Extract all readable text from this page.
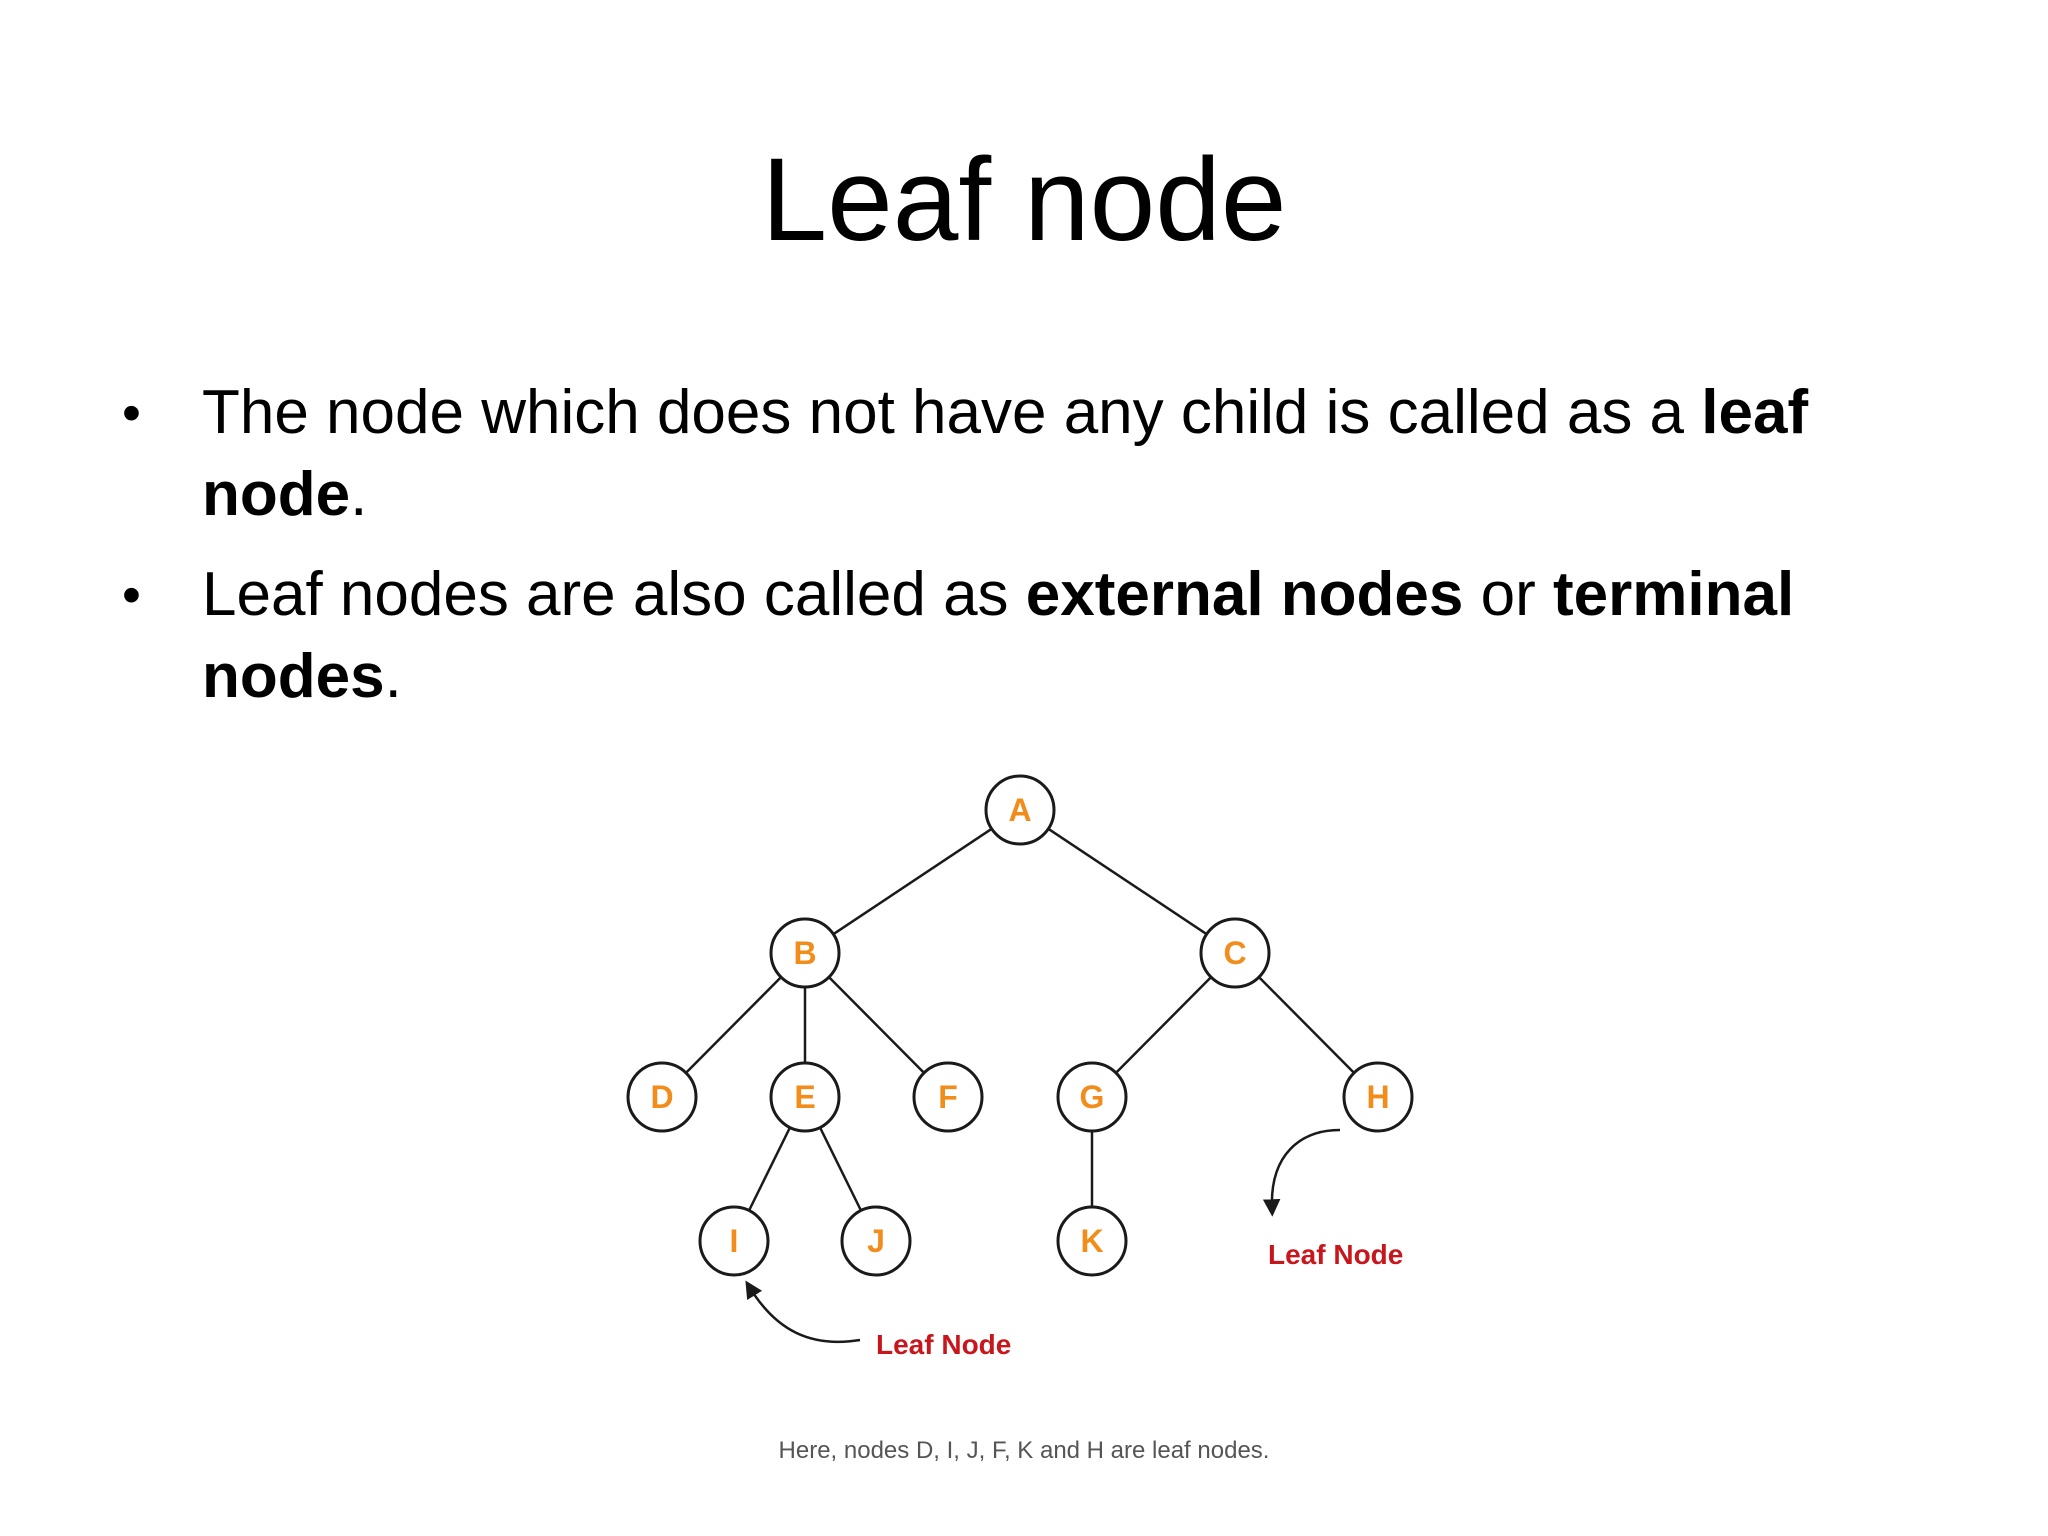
Leaf node
• The node which does not have any child is called as a leaf node.
• Leaf nodes are also called as external nodes or terminal nodes.
A
B	C
D	E	F	G	H
I	J	K	Leaf Node
Leaf Node
Here, nodes D, I, J, F, K and H are leaf nodes.
